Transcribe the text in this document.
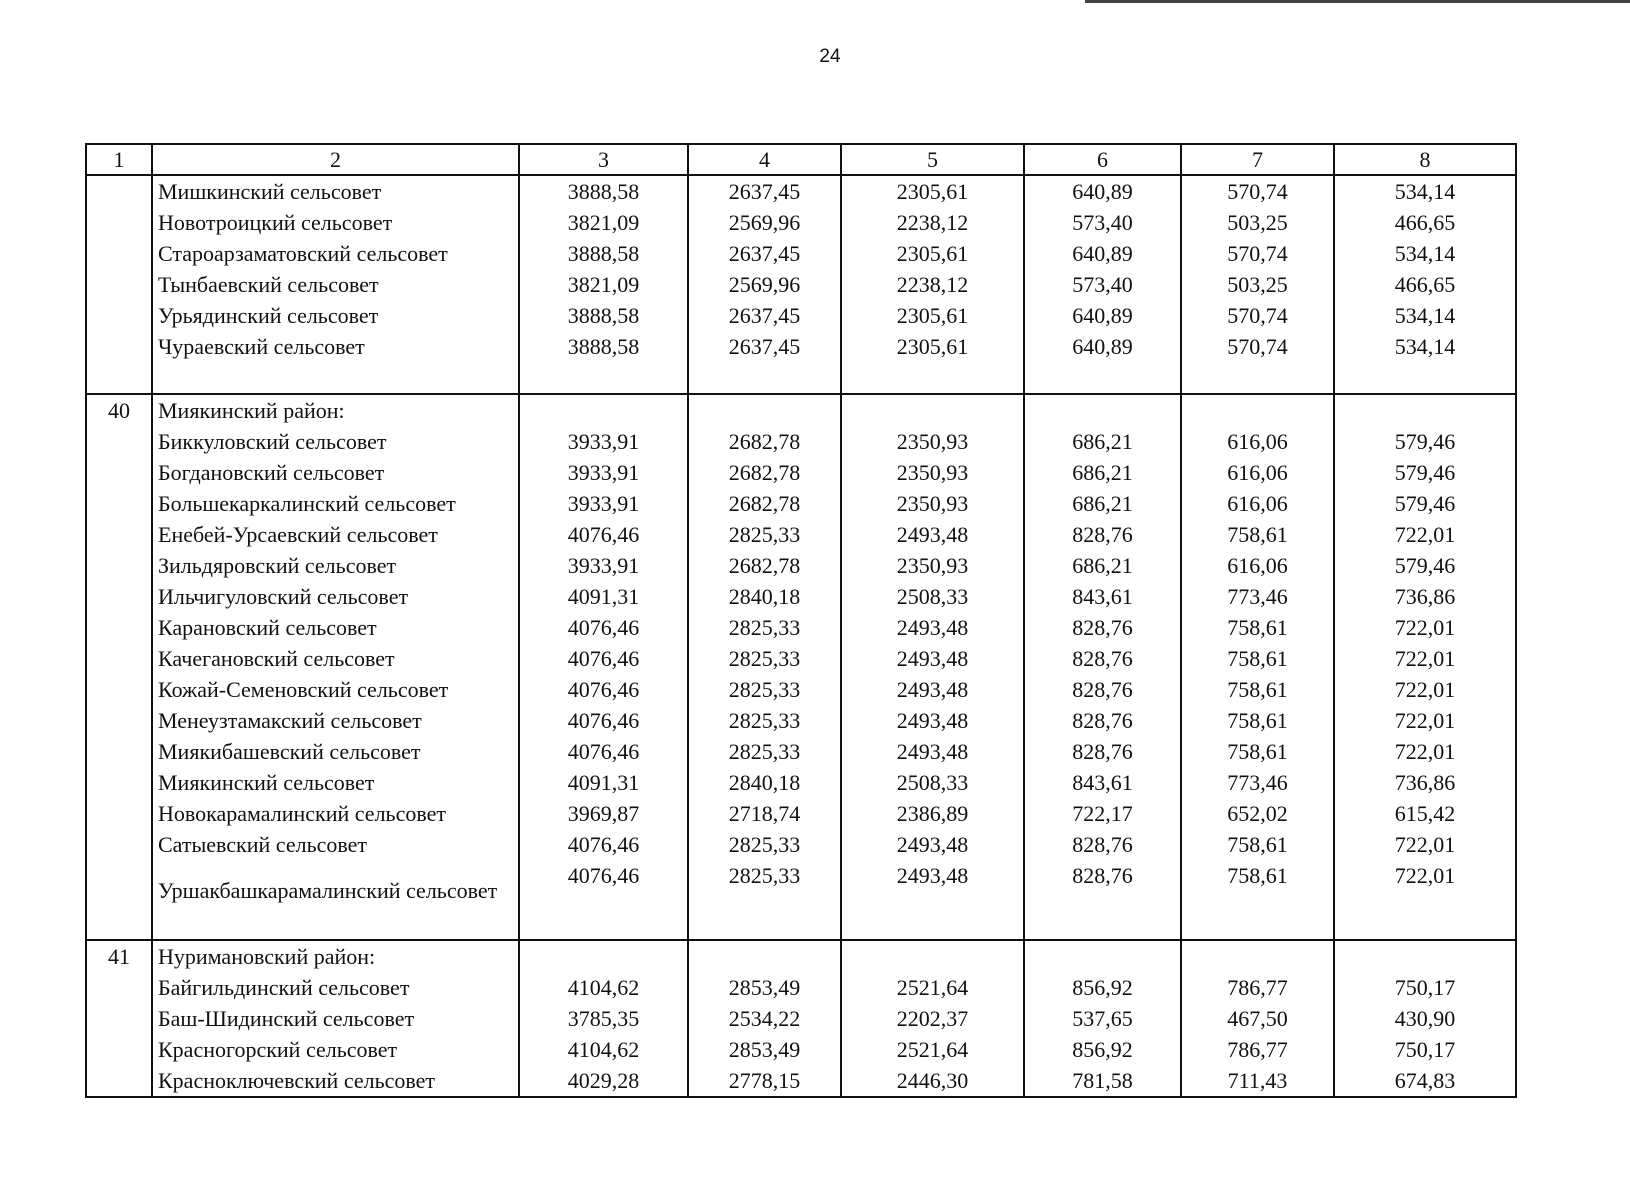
24
1	2	3	4	5	6	7	8
	Мишкинский сельсовет	3888,58	2637,45	2305,61	640,89	570,74	534,14
	Новотроицкий сельсовет	3821,09	2569,96	2238,12	573,40	503,25	466,65
	Староарзаматовский сельсовет	3888,58	2637,45	2305,61	640,89	570,74	534,14
	Тынбаевский сельсовет	3821,09	2569,96	2238,12	573,40	503,25	466,65
	Урьядинский сельсовет	3888,58	2637,45	2305,61	640,89	570,74	534,14
	Чураевский сельсовет	3888,58	2637,45	2305,61	640,89	570,74	534,14

40	Миякинский район:						
	Биккуловский сельсовет	3933,91	2682,78	2350,93	686,21	616,06	579,46
	Богдановский сельсовет	3933,91	2682,78	2350,93	686,21	616,06	579,46
	Большекаркалинский сельсовет	3933,91	2682,78	2350,93	686,21	616,06	579,46
	Енебей-Урсаевский сельсовет	4076,46	2825,33	2493,48	828,76	758,61	722,01
	Зильдяровский сельсовет	3933,91	2682,78	2350,93	686,21	616,06	579,46
	Ильчигуловский сельсовет	4091,31	2840,18	2508,33	843,61	773,46	736,86
	Карановский сельсовет	4076,46	2825,33	2493,48	828,76	758,61	722,01
	Качегановский сельсовет	4076,46	2825,33	2493,48	828,76	758,61	722,01
	Кожай-Семеновский сельсовет	4076,46	2825,33	2493,48	828,76	758,61	722,01
	Менеузтамакский сельсовет	4076,46	2825,33	2493,48	828,76	758,61	722,01
	Миякибашевский сельсовет	4076,46	2825,33	2493,48	828,76	758,61	722,01
	Миякинский сельсовет	4091,31	2840,18	2508,33	843,61	773,46	736,86
	Новокарамалинский сельсовет	3969,87	2718,74	2386,89	722,17	652,02	615,42
	Сатыевский сельсовет	4076,46	2825,33	2493,48	828,76	758,61	722,01
	Уршакбашкарамалинский сельсовет	4076,46	2825,33	2493,48	828,76	758,61	722,01

41	Нуримановский район:						
	Байгильдинский сельсовет	4104,62	2853,49	2521,64	856,92	786,77	750,17
	Баш-Шидинский сельсовет	3785,35	2534,22	2202,37	537,65	467,50	430,90
	Красногорский сельсовет	4104,62	2853,49	2521,64	856,92	786,77	750,17
	Красноключевский сельсовет	4029,28	2778,15	2446,30	781,58	711,43	674,83
